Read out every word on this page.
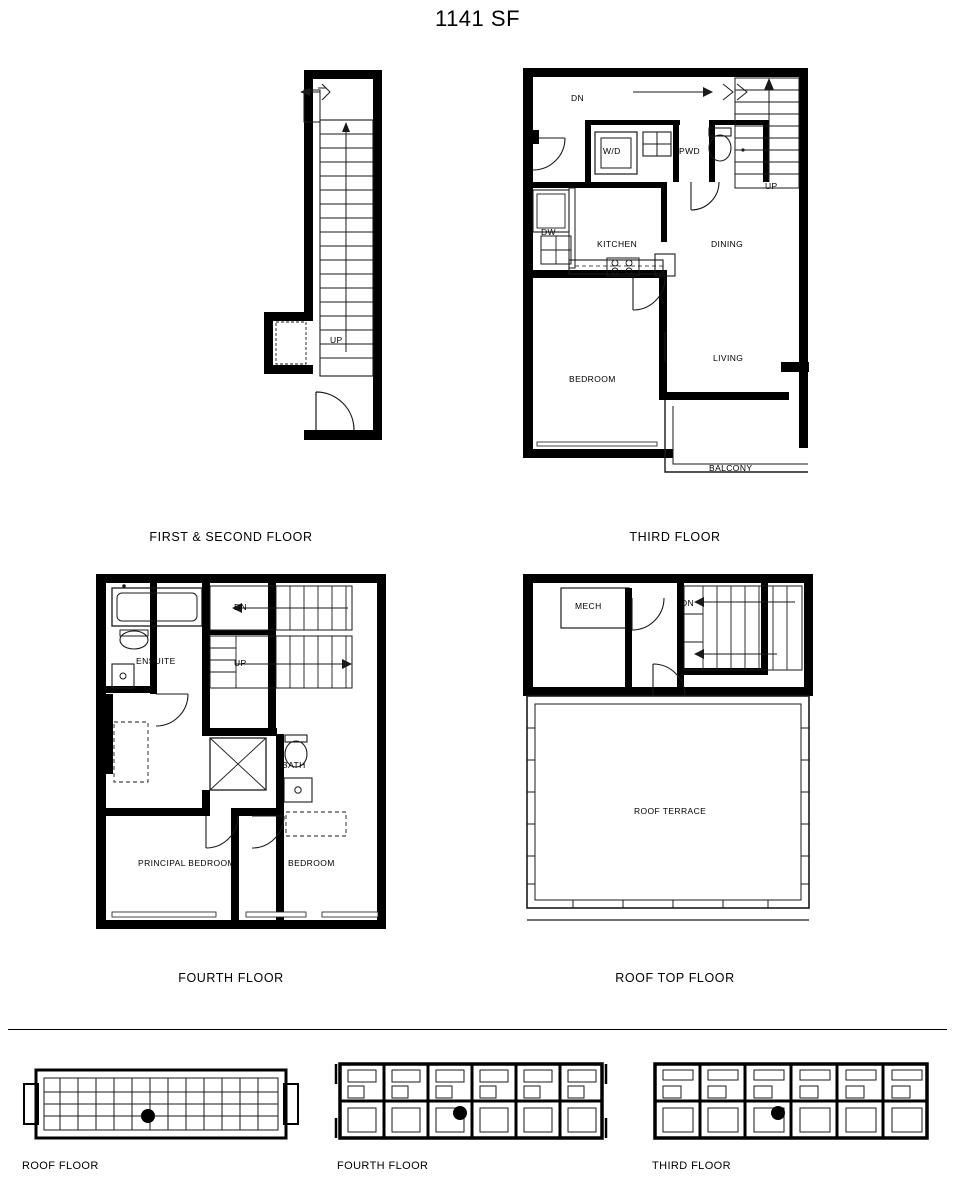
1141 SF
UP
FIRST & SECOND FLOOR
DN
UP
W/D	PWD
DW
KITCHEN	DINING
F
LIVING
BEDROOM
BALCONY
THIRD FLOOR
DN
UP
ENSUITE
BATH
PRINCIPAL BEDROOM	BEDROOM
FOURTH FLOOR
MECH	DN
ROOF TERRACE
ROOF TOP FLOOR
ROOF FLOOR	FOURTH FLOOR	THIRD FLOOR
